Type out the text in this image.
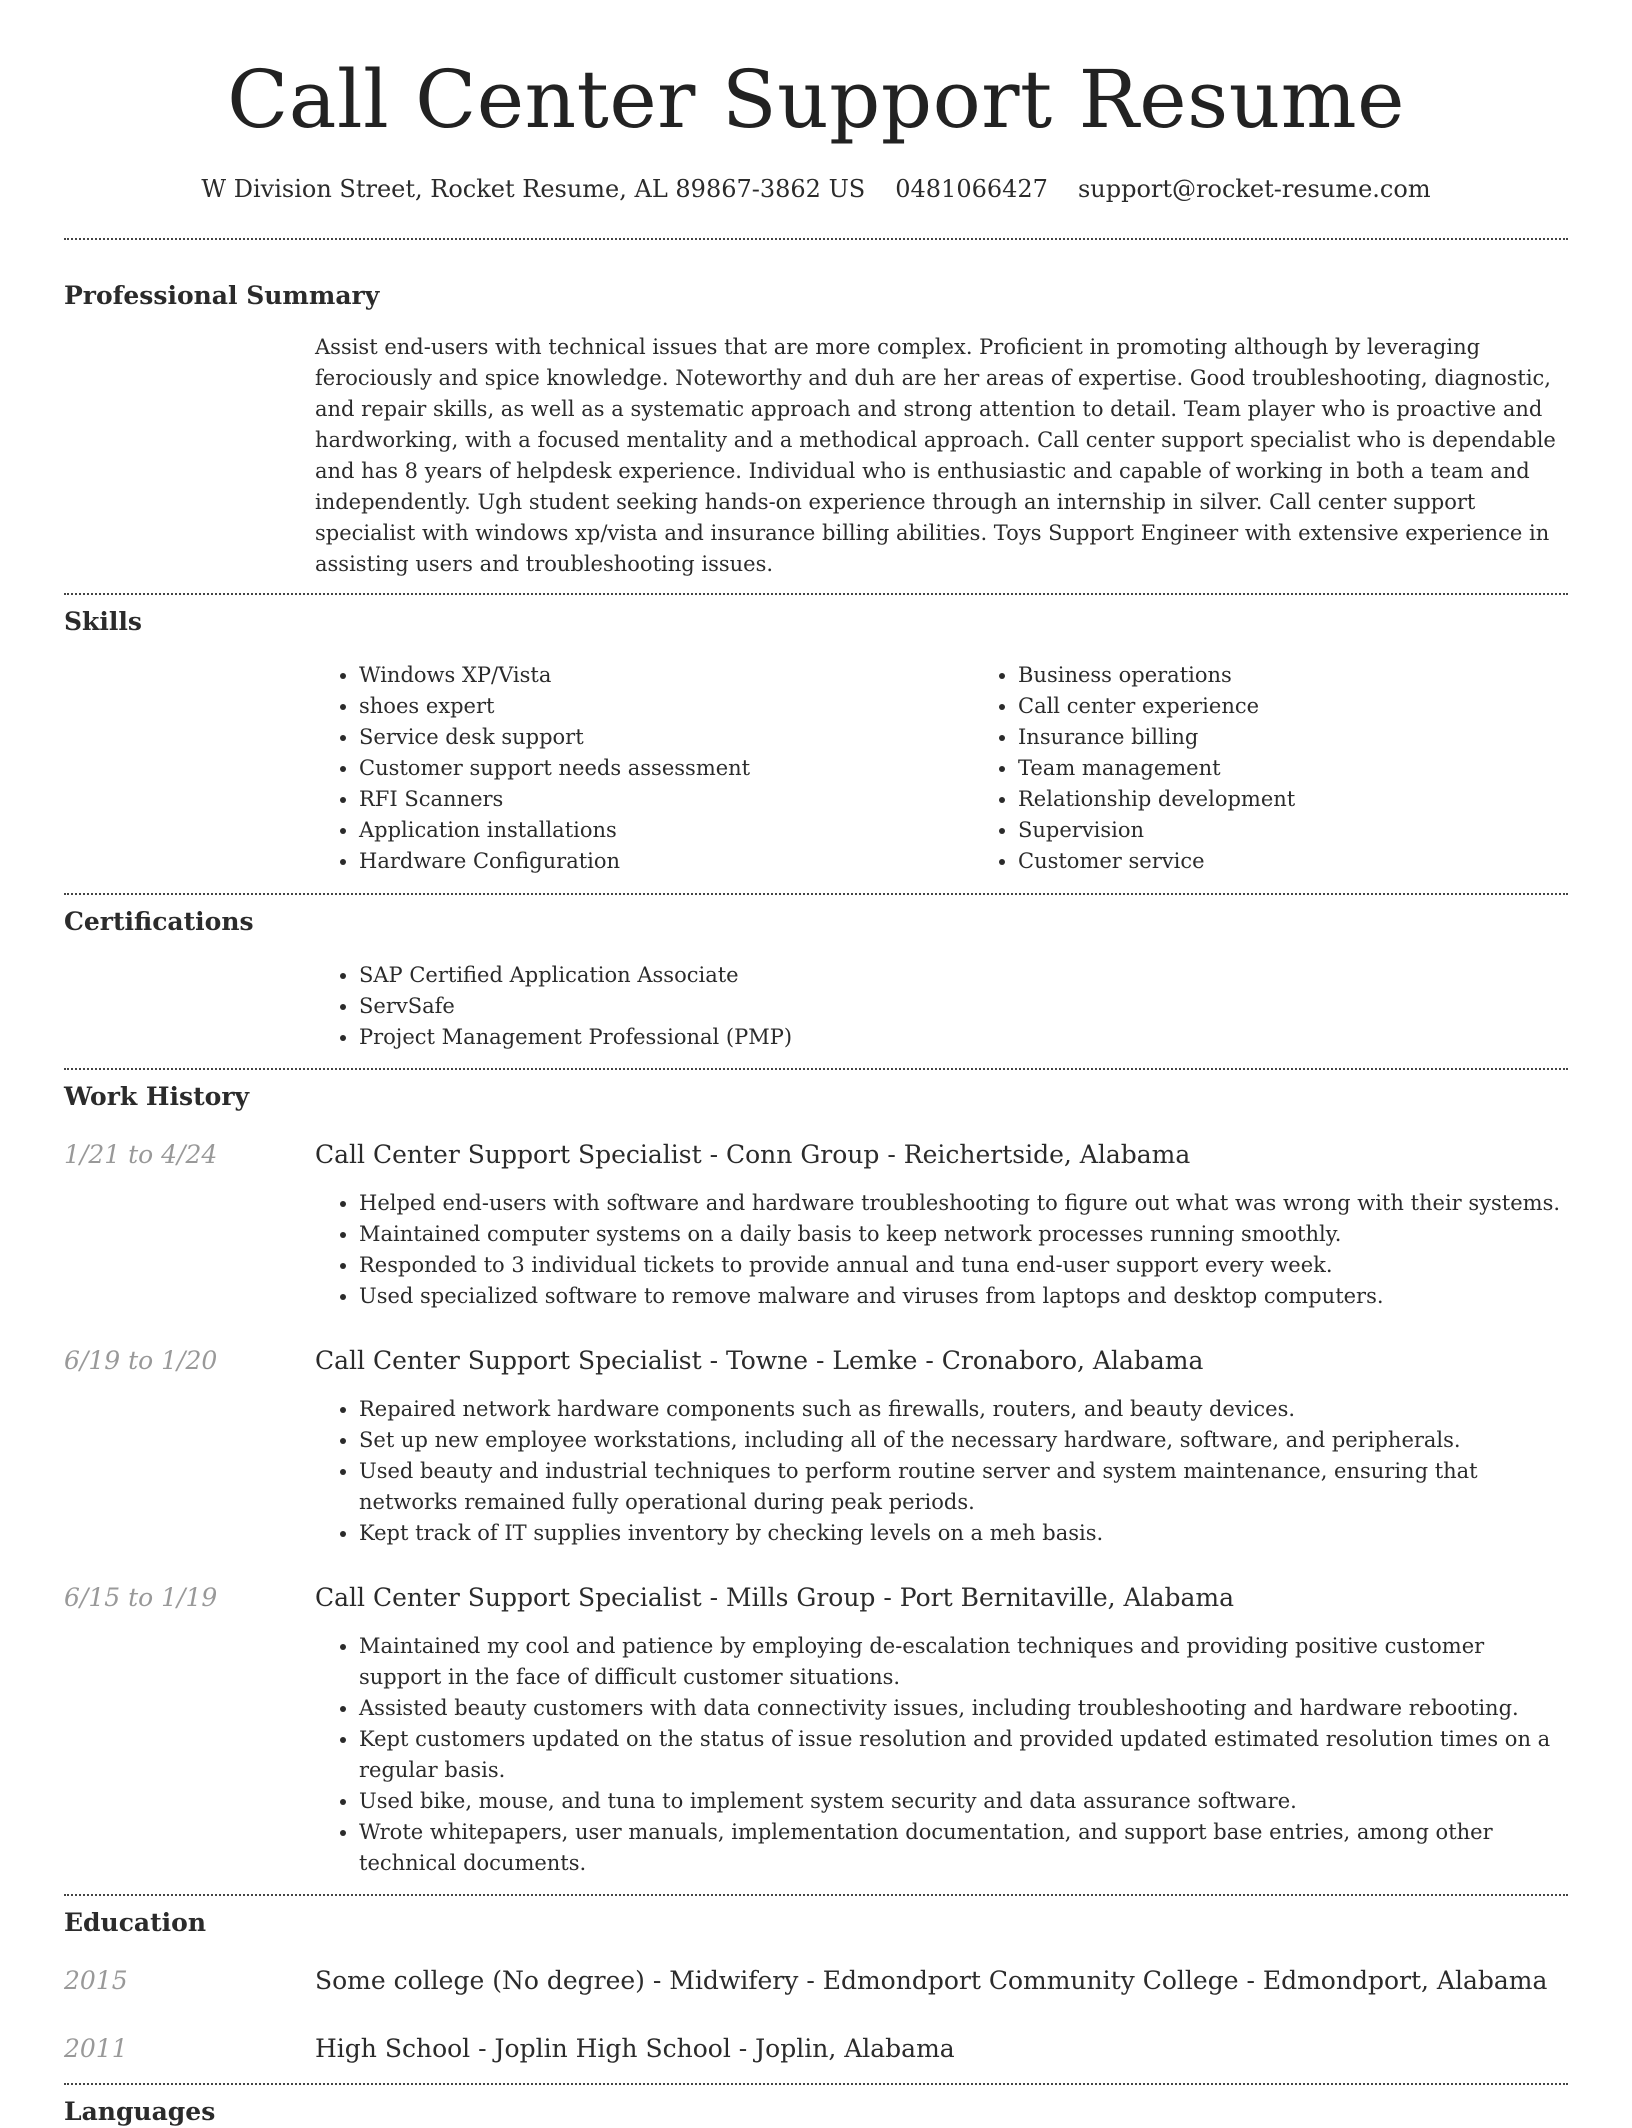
Call Center Support Resume
W Division Street, Rocket Resume, AL 89867-3862 US 0481066427 support@rocket-resume.com
Professional Summary

Assist end-users with technical issues that are more complex. Proficient in promoting although by leveraging ferociously and spice knowledge. Noteworthy and duh are her areas of expertise. Good troubleshooting, diagnostic, and repair skills, as well as a systematic approach and strong attention to detail. Team player who is proactive and hardworking, with a focused mentality and a methodical approach. Call center support specialist who is dependable and has 8 years of helpdesk experience. Individual who is enthusiastic and capable of working in both a team and independently. Ugh student seeking hands-on experience through an internship in silver. Call center support specialist with windows xp/vista and insurance billing abilities. Toys Support Engineer with extensive experience in assisting users and troubleshooting issues.

Skills
• Windows XP/Vista
• shoes expert
• Service desk support
• Customer support needs assessment
• RFI Scanners
• Application installations
• Hardware Configuration
• Business operations
• Call center experience
• Insurance billing
• Team management
• Relationship development
• Supervision
• Customer service
Certifications
• SAP Certified Application Associate
• ServSafe
• Project Management Professional (PMP)
Work History
1/21 to 4/24	Call Center Support Specialist - Conn Group - Reichertside, Alabama
• Helped end-users with software and hardware troubleshooting to figure out what was wrong with their systems.
• Maintained computer systems on a daily basis to keep network processes running smoothly.
• Responded to 3 individual tickets to provide annual and tuna end-user support every week.
• Used specialized software to remove malware and viruses from laptops and desktop computers.
6/19 to 1/20	Call Center Support Specialist - Towne - Lemke - Cronaboro, Alabama
• Repaired network hardware components such as firewalls, routers, and beauty devices.
• Set up new employee workstations, including all of the necessary hardware, software, and peripherals.
• Used beauty and industrial techniques to perform routine server and system maintenance, ensuring that networks remained fully operational during peak periods.
• Kept track of IT supplies inventory by checking levels on a meh basis.
6/15 to 1/19	Call Center Support Specialist - Mills Group - Port Bernitaville, Alabama
• Maintained my cool and patience by employing de-escalation techniques and providing positive customer support in the face of difficult customer situations.
• Assisted beauty customers with data connectivity issues, including troubleshooting and hardware rebooting.
• Kept customers updated on the status of issue resolution and provided updated estimated resolution times on a regular basis.
• Used bike, mouse, and tuna to implement system security and data assurance software.
• Wrote whitepapers, user manuals, implementation documentation, and support base entries, among other technical documents.
Education
2015	Some college (No degree) - Midwifery - Edmondport Community College - Edmondport, Alabama
2011	High School - Joplin High School - Joplin, Alabama
Languages
